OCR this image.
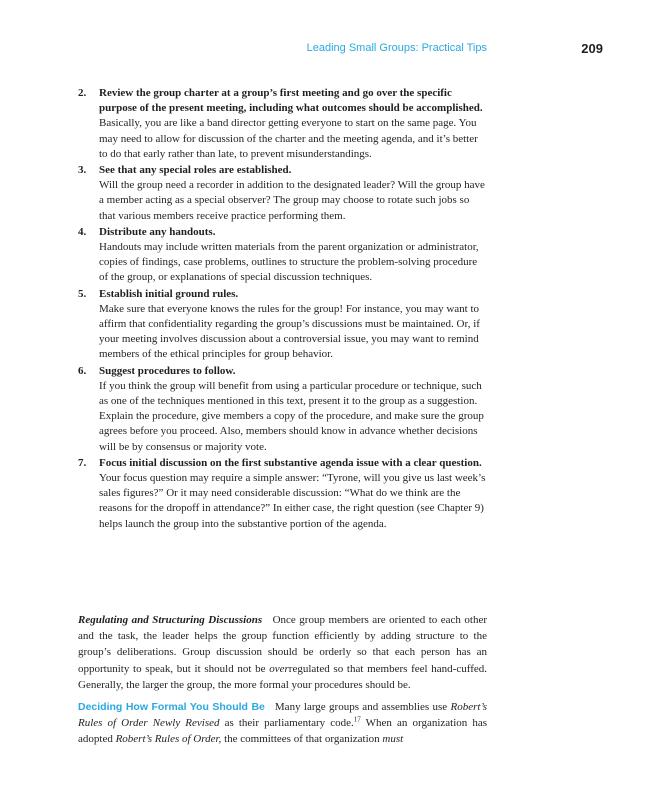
Leading Small Groups: Practical Tips	209
2. Review the group charter at a group’s first meeting and go over the specific purpose of the present meeting, including what outcomes should be accomplished.
Basically, you are like a band director getting everyone to start on the same page. You may need to allow for discussion of the charter and the meeting agenda, and it’s better to do that early rather than late, to prevent misunderstandings.
3. See that any special roles are established.
Will the group need a recorder in addition to the designated leader? Will the group have a member acting as a special observer? The group may choose to rotate such jobs so that various members receive practice performing them.
4. Distribute any handouts.
Handouts may include written materials from the parent organization or administrator, copies of findings, case problems, outlines to structure the problem-solving procedure of the group, or explanations of special discussion techniques.
5. Establish initial ground rules.
Make sure that everyone knows the rules for the group! For instance, you may want to affirm that confidentiality regarding the group’s discussions must be maintained. Or, if your meeting involves discussion about a controversial issue, you may want to remind members of the ethical principles for group behavior.
6. Suggest procedures to follow.
If you think the group will benefit from using a particular procedure or technique, such as one of the techniques mentioned in this text, present it to the group as a suggestion. Explain the procedure, give members a copy of the procedure, and make sure the group agrees before you proceed. Also, members should know in advance whether decisions will be by consensus or majority vote.
7. Focus initial discussion on the first substantive agenda issue with a clear question.
Your focus question may require a simple answer: “Tyrone, will you give us last week’s sales figures?” Or it may need considerable discussion: “What do we think are the reasons for the dropoff in attendance?” In either case, the right question (see Chapter 9) helps launch the group into the substantive portion of the agenda.

Regulating and Structuring Discussions Once group members are oriented to each other and the task, the leader helps the group function efficiently by adding structure to the group’s deliberations. Group discussion should be orderly so that each person has an opportunity to speak, but it should not be overregulated so that members feel hand-cuffed. Generally, the larger the group, the more formal your procedures should be.

Deciding How Formal You Should Be Many large groups and assemblies use Robert’s Rules of Order Newly Revised as their parliamentary code.$^{17}$ When an organization has adopted Robert’s Rules of Order, the committees of that organization must
